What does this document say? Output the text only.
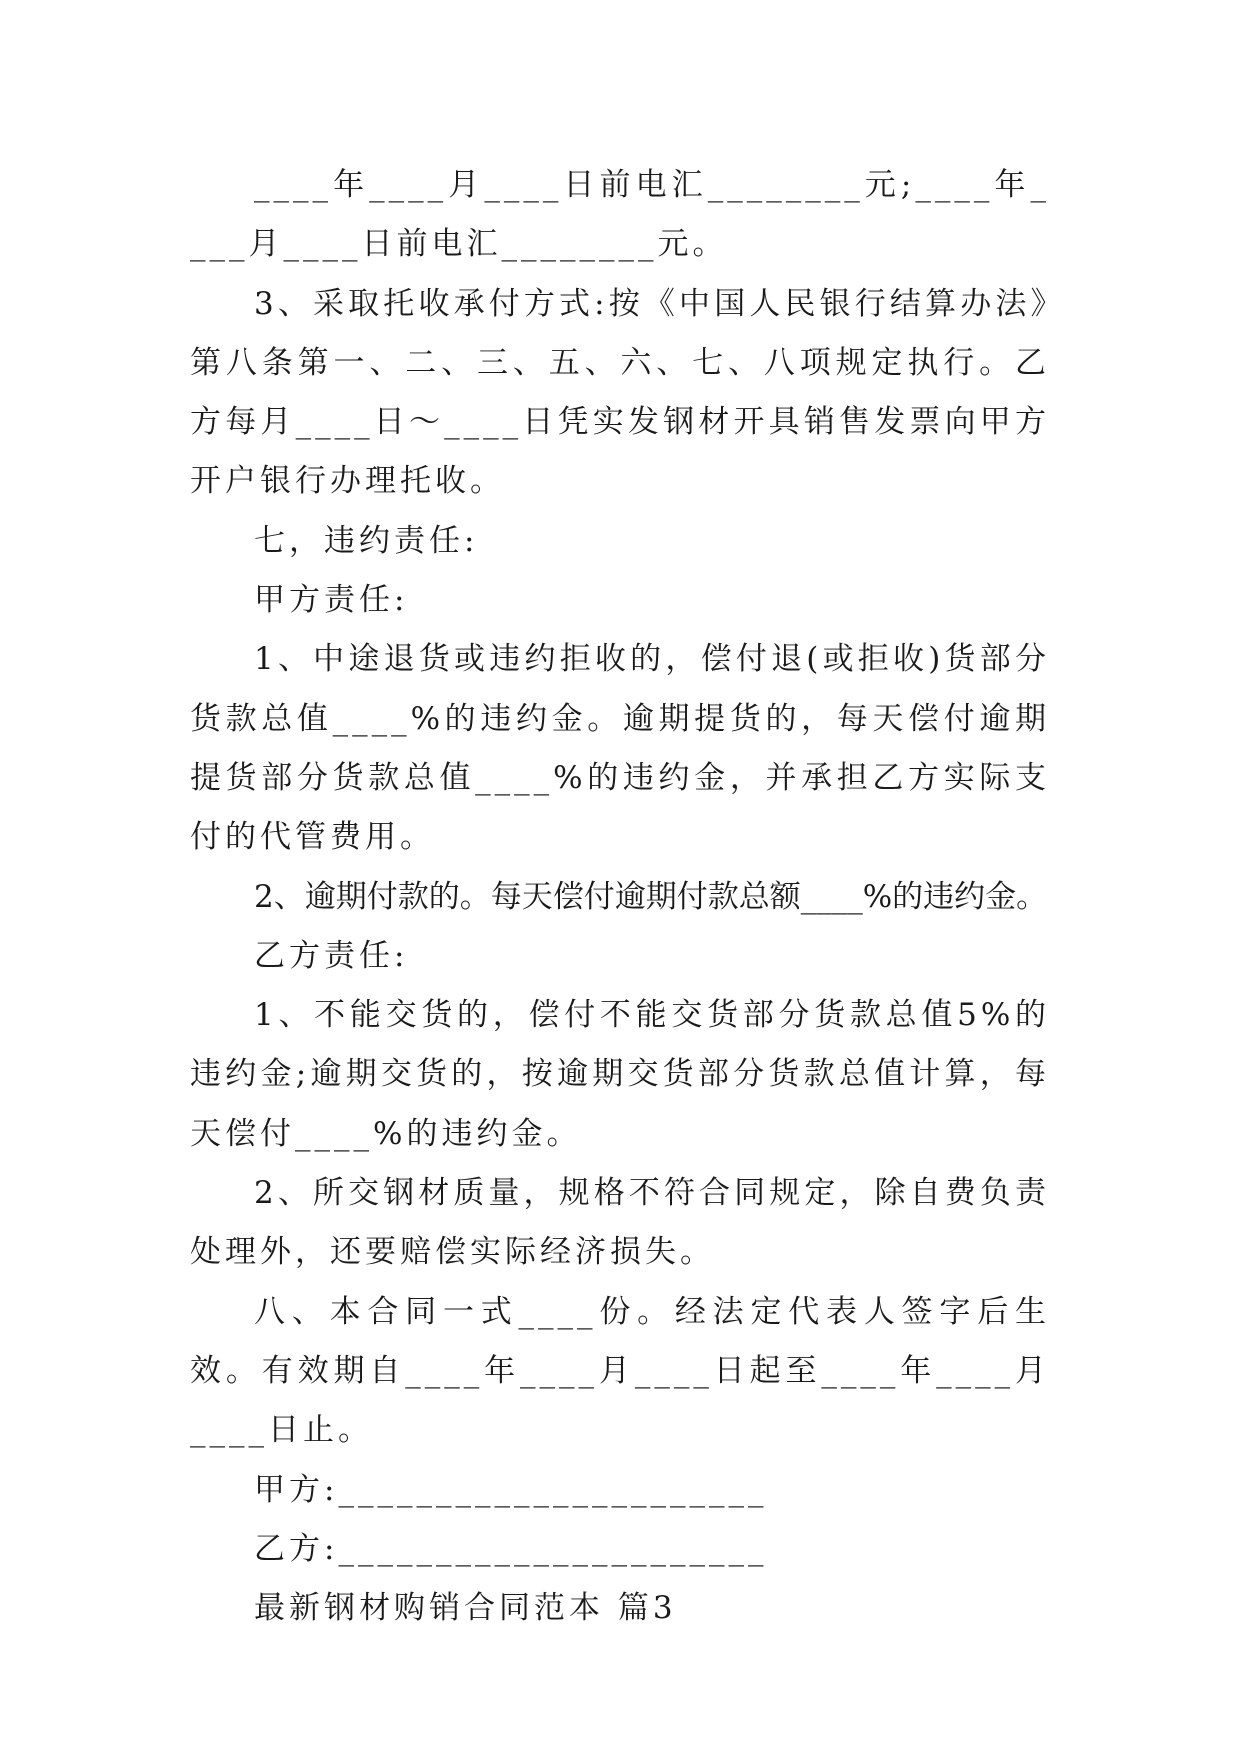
____年____月____日前电汇________元;____年____月____日前电汇________元。

3、采取托收承付方式:按《中国人民银行结算办法》第八条第一、二、三、五、六、七、八项规定执行。乙方每月____日～____日凭实发钢材开具销售发票向甲方开户银行办理托收。

七，违约责任:

甲方责任:

1、中途退货或违约拒收的，偿付退(或拒收)货部分货款总值____%的违约金。逾期提货的，每天偿付逾期提货部分货款总值____%的违约金，并承担乙方实际支付的代管费用。

2、逾期付款的。每天偿付逾期付款总额____%的违约金。

乙方责任:

1、不能交货的，偿付不能交货部分货款总值5%的违约金;逾期交货的，按逾期交货部分货款总值计算，每天偿付____%的违约金。

2、所交钢材质量，规格不符合同规定，除自费负责处理外，还要赔偿实际经济损失。

八、本合同一式____份。经法定代表人签字后生效。有效期自____年____月____日起至____年____月____日止。

甲方:______________________

乙方:______________________

最新钢材购销合同范本 篇3
